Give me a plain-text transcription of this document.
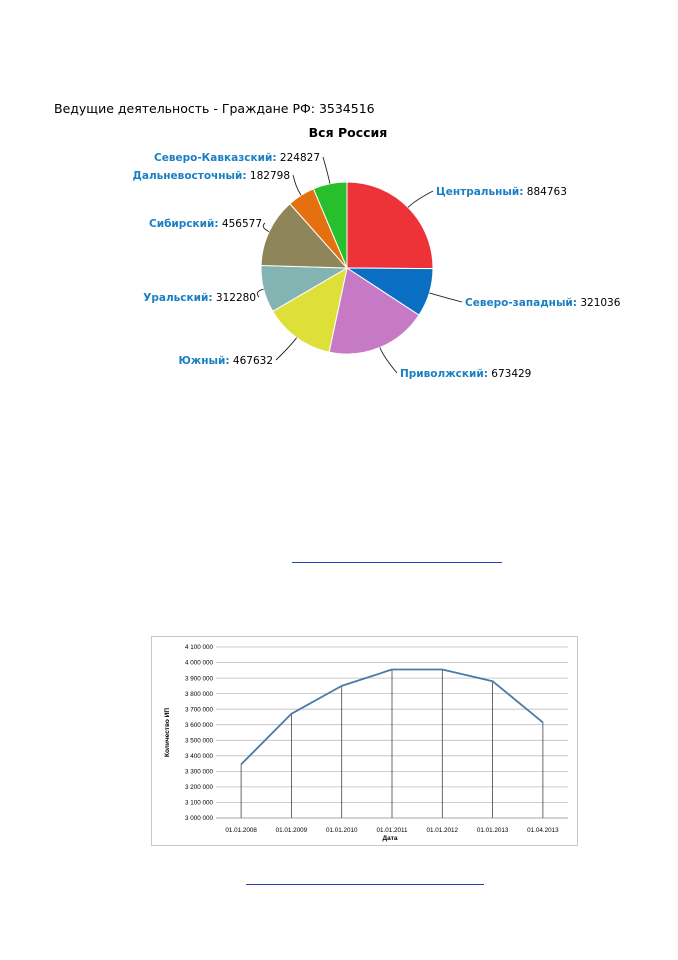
Ведущие деятельность - Граждане РФ: 3534516
Вся Россия
Центральный: 884763
Северо-западный: 321036
Приволжский: 673429
Южный: 467632
Уральский: 312280
Сибирский: 456577
Дальневосточный: 182798
Северо-Кавказский: 224827
4 100 000
4 000 000
3 900 000
3 800 000
3 700 000
3 600 000
3 500 000
3 400 000
3 300 000
3 200 000
3 100 000
3 000 000
01.01.2008	01.01.2009	01.01.2010	01.01.2011	01.01.2012	01.01.2013	01.04.2013
Количество ИП
Дата
